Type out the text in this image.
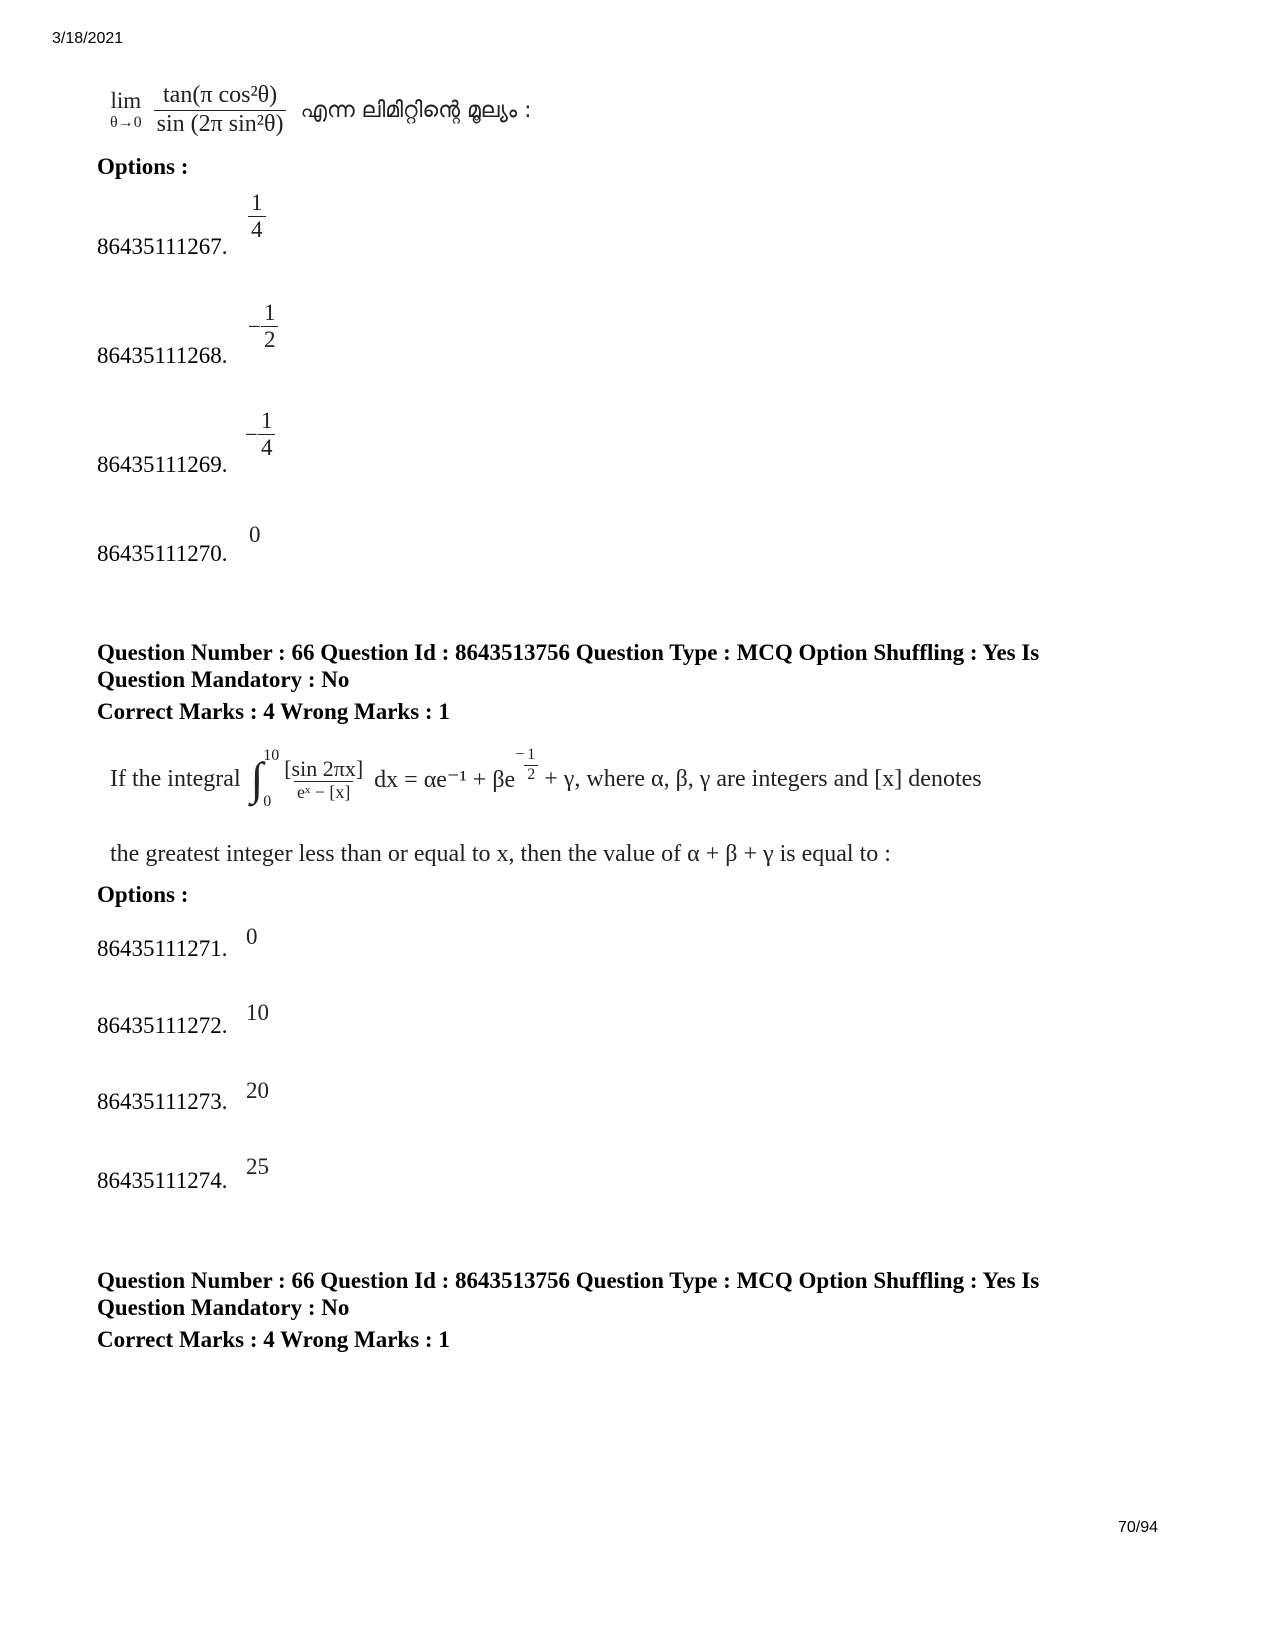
3/18/2021
lim
$\theta\to 0 \frac{\text{tan(π cos²θ)}}{\text{sin (2π sin²θ)}}$ എന്ന ലിമിറ്റിന്റെ മൂല്യം :
Options :
86435111267.
$\frac{1}{4}$
86435111268.
− $\frac{1}{2}$
86435111269.
− $\frac{1}{4}$
86435111270.
0
Question Number : 66 Question Id : 8643513756 Question Type : MCQ Option Shuffling : Yes Is
Question Mandatory : No
Correct Marks : 4 Wrong Marks : 1
If the integral ∫ 10
$0 \frac{[\sin 2\pi x]}{\text{eˣ − [x]}}$ dx = αe⁻¹ + βe
− $\frac{1}{2} + \gamma$, where α, β, γ are integers and [x] denotes
the greatest integer less than or equal to x, then the value of α + β + γ is equal to :
Options :
86435111271. 0
86435111272.
10
86435111273. 20
86435111274.
25
Question Number : 66 Question Id : 8643513756 Question Type : MCQ Option Shuffling : Yes Is
Question Mandatory : No
Correct Marks : 4 Wrong Marks : 1
70/94
